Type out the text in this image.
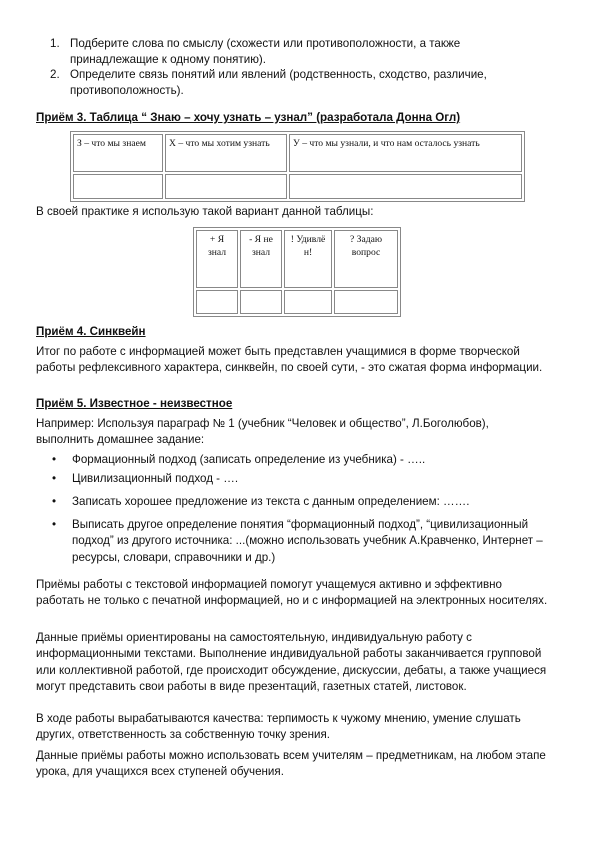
1. Подберите слова по смыслу (схожести или противоположности, а также принадлежащие к одному понятию).
2. Определите связь понятий или явлений (родственность, сходство, различие, противоположность).
Приём 3. Таблица “ Знаю – хочу узнать – узнал” (разработала Донна Огл)
З – что мы знаем	Х – что мы хотим узнать	У – что мы узнали, и что нам осталось узнать

В своей практике я использую такой вариант данной таблицы:

+ Я знал	- Я не знал	! Удивлё н!	? Задаю вопрос

Приём 4. Синквейн

Итог по работе с информацией может быть представлен учащимися в форме творческой работы рефлексивного характера, синквейн, по своей сути, - это сжатая форма информации.

Приём 5. Известное - неизвестное

Например: Используя параграф № 1 (учебник “Человек и общество”, Л.Боголюбов), выполнить домашнее задание:

• Формационный подход (записать определение из учебника) - …..
• Цивилизационный подход - ….
• Записать хорошее предложение из текста с данным определением: …….
• Выписать другое определение понятия “формационный подход”, “цивилизационный подход” из другого источника: ...(можно использовать учебник А.Кравченко, Интернет –ресурсы, словари, справочники и др.)

Приёмы работы с текстовой информацией помогут учащемуся активно и эффективно работать не только с печатной информацией, но и с информацией на электронных носителях.

Данные приёмы ориентированы на самостоятельную, индивидуальную работу с информационными текстами. Выполнение индивидуальной работы заканчивается групповой или коллективной работой, где происходит обсуждение, дискуссии, дебаты, а также учащиеся могут представить свои работы в виде презентаций, газетных статей, листовок.

В ходе работы вырабатываются качества: терпимость к чужому мнению, умение слушать других, ответственность за собственную точку зрения.

Данные приёмы работы можно использовать всем учителям – предметникам, на любом этапе урока, для учащихся всех ступеней обучения.
